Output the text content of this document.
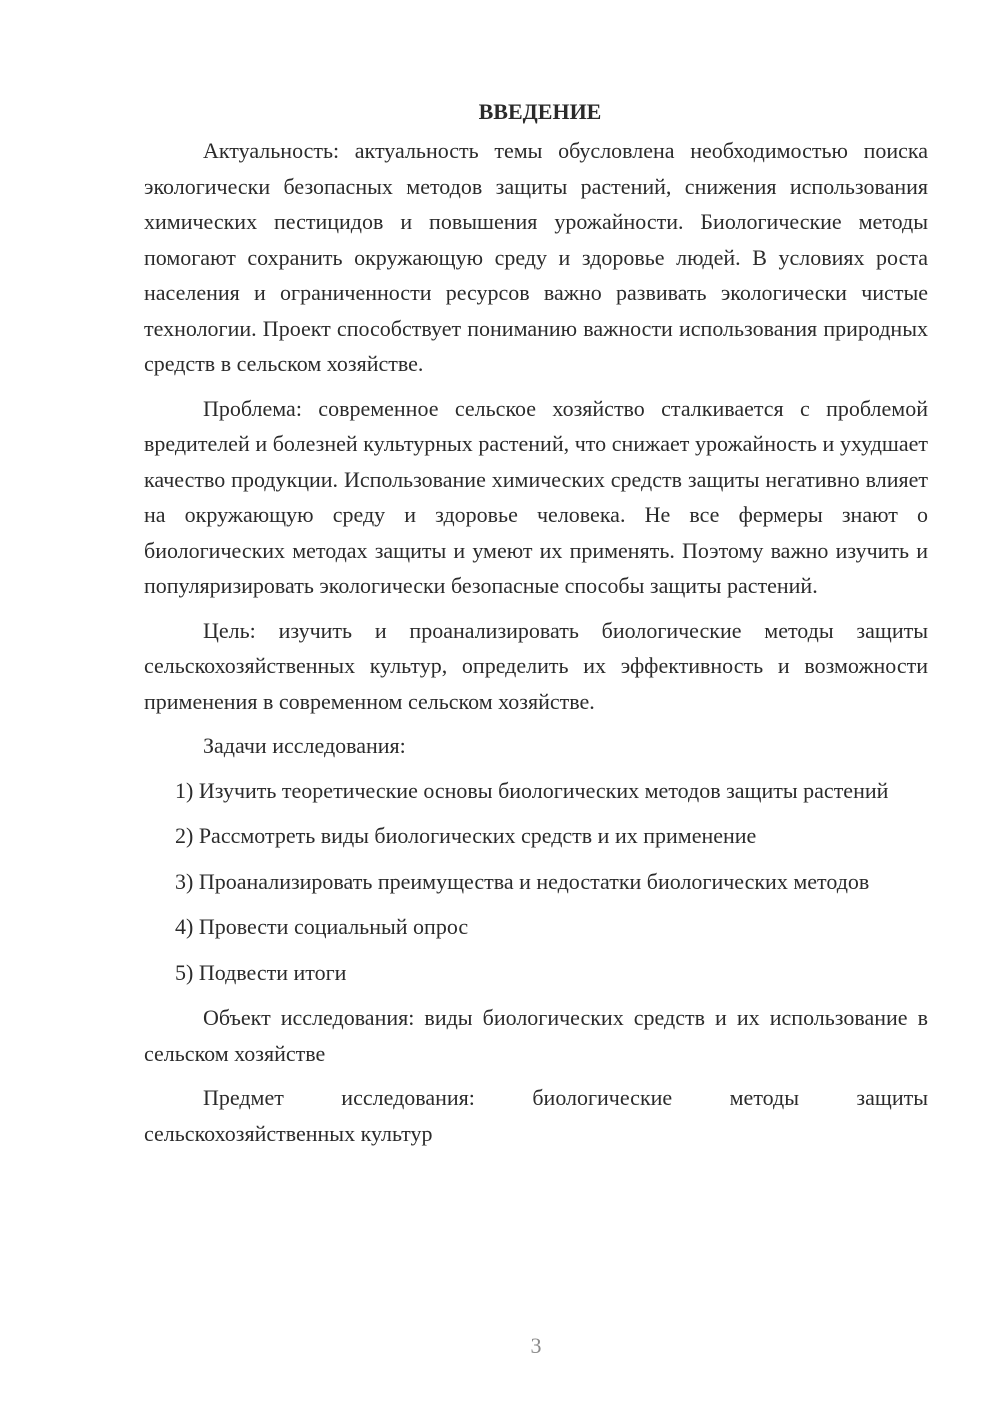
ВВЕДЕНИЕ
Актуальность: актуальность темы обусловлена необходимостью поиска экологически безопасных методов защиты растений, снижения использования химических пестицидов и повышения урожайности. Биологические методы помогают сохранить окружающую среду и здоровье людей. В условиях роста населения и ограниченности ресурсов важно развивать экологически чистые технологии. Проект способствует пониманию важности использования природных средств в сельском хозяйстве.
Проблема: современное сельское хозяйство сталкивается с проблемой вредителей и болезней культурных растений, что снижает урожайность и ухудшает качество продукции. Использование химических средств защиты негативно влияет на окружающую среду и здоровье человека. Не все фермеры знают о биологических методах защиты и умеют их применять. Поэтому важно изучить и популяризировать экологически безопасные способы защиты растений.
Цель: изучить и проанализировать биологические методы защиты сельскохозяйственных культур, определить их эффективность и возможности применения в современном сельском хозяйстве.
Задачи исследования:
1) Изучить теоретические основы биологических методов защиты растений
2) Рассмотреть виды биологических средств и их применение
3) Проанализировать преимущества и недостатки биологических методов
4) Провести социальный опрос
5) Подвести итоги
Объект исследования: виды биологических средств и их использование в сельском хозяйстве
Предмет исследования: биологические методы защиты сельскохозяйственных культур
3
